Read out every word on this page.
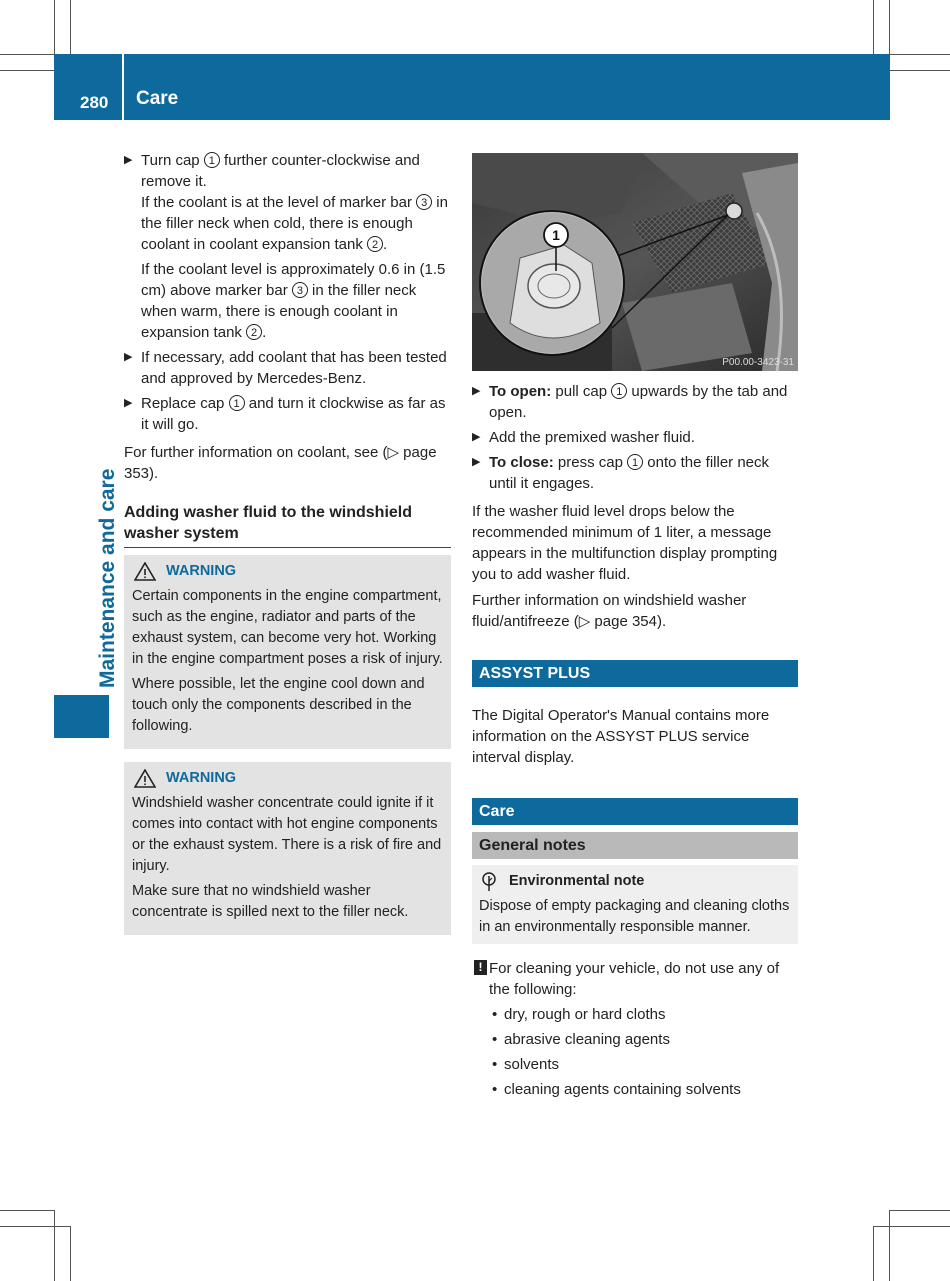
280 Care
Maintenance and care
▶ Turn cap 1 further counter-clockwise and remove it.
If the coolant is at the level of marker bar 3 in the filler neck when cold, there is enough coolant in coolant expansion tank 2 .
If the coolant level is approximately 0.6 in (1.5 cm) above marker bar 3 in the filler neck when warm, there is enough coolant in expansion tank 2 .
▶ If necessary, add coolant that has been tested and approved by Mercedes-Benz.
▶ Replace cap 1 and turn it clockwise as far as it will go.

For further information on coolant, see (▷ page 353).

Adding washer fluid to the windshield washer system
WARNING

Certain components in the engine compartment, such as the engine, radiator and parts of the exhaust system, can become very hot. Working in the engine compartment poses a risk of injury.

Where possible, let the engine cool down and touch only the components described in the following.

WARNING

Windshield washer concentrate could ignite if it comes into contact with hot engine components or the exhaust system. There is a risk of fire and injury.

Make sure that no windshield washer concentrate is spilled next to the filler neck.

1
P00.00-3423-31
▶ To open: pull cap 1 upwards by the tab and open.
▶ Add the premixed washer fluid.
▶ To close: press cap 1 onto the filler neck until it engages.

If the washer fluid level drops below the recommended minimum of 1 liter, a message appears in the multifunction display prompting you to add washer fluid.

Further information on windshield washer fluid/antifreeze (▷ page 354).

ASSYST PLUS

The Digital Operator's Manual contains more information on the ASSYST PLUS service interval display.

Care
General notes
Environmental note

Dispose of empty packaging and cleaning cloths in an environmentally responsible manner.

! For cleaning your vehicle, do not use any of the following:
• dry, rough or hard cloths
• abrasive cleaning agents
• solvents
• cleaning agents containing solvents
